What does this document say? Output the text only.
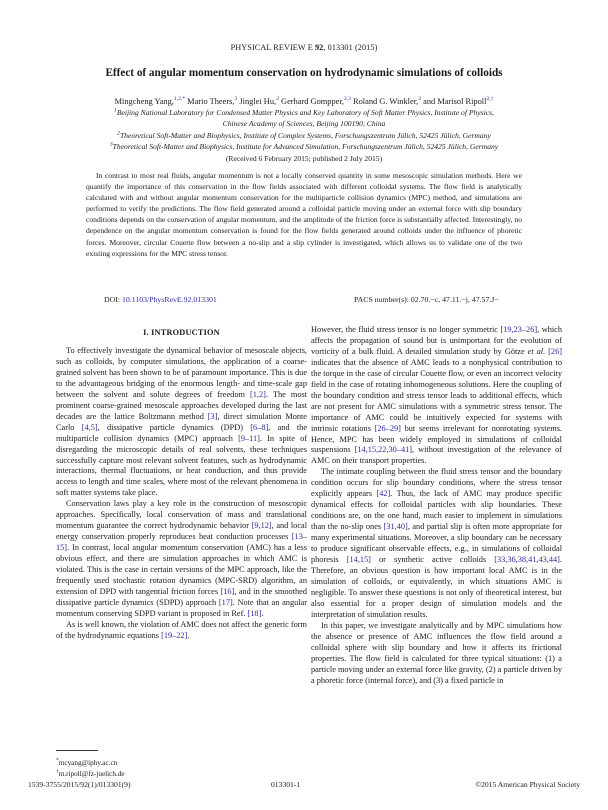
PHYSICAL REVIEW E 92, 013301 (2015)
Effect of angular momentum conservation on hydrodynamic simulations of colloids
Mingcheng Yang,$^{1,2,*}$ Mario Theers,$^3$ Jinglei Hu,$^2$ Gerhard Gompper,$^{2,3}$ Roland G. Winkler,$^3$ and Marisol Ripoll$^{2,\dagger}$
$^1$Beijing National Laboratory for Condensed Matter Physics and Key Laboratory of Soft Matter Physics, Institute of Physics,
Chinese Academy of Sciences, Beijing 100190, China
$^2$Theoretical Soft-Matter and Biophysics, Institute of Complex Systems, Forschungszentrum Jülich, 52425 Jülich, Germany
$^3$Theoretical Soft-Matter and Biophysics, Institute for Advanced Simulation, Forschungszentrum Jülich, 52425 Jülich, Germany
(Received 6 February 2015; published 2 July 2015)

In contrast to most real fluids, angular momentum is not a locally conserved quantity in some mesoscopic simulation methods. Here we quantify the importance of this conservation in the flow fields associated with different colloidal systems. The flow field is analytically calculated with and without angular momentum conservation for the multiparticle collision dynamics (MPC) method, and simulations are performed to verify the predictions. The flow field generated around a colloidal particle moving under an external force with slip boundary conditions depends on the conservation of angular momentum, and the amplitude of the friction force is substantially affected. Interestingly, no dependence on the angular momentum conservation is found for the flow fields generated around colloids under the influence of phoretic forces. Moreover, circular Couette flow between a no-slip and a slip cylinder is investigated, which allows us to validate one of the two existing expressions for the MPC stress tensor.

DOI: 10.1103/PhysRevE.92.013301	PACS number(s): 02.70.−c, 47.11.−j, 47.57.J−
I. INTRODUCTION

To effectively investigate the dynamical behavior of mesoscale objects, such as colloids, by computer simulations, the application of a coarse-grained solvent has been shown to be of paramount importance. This is due to the advantageous bridging of the enormous length- and time-scale gap between the solvent and solute degrees of freedom [1,2]. The most prominent coarse-grained mesoscale approaches developed during the last decades are the lattice Boltzmann method [3], direct simulation Monte Carlo [4,5], dissipative particle dynamics (DPD) [6–8], and the multiparticle collision dynamics (MPC) approach [9–11]. In spite of disregarding the microscopic details of real solvents, these techniques successfully capture most relevant solvent features, such as hydrodynamic interactions, thermal fluctuations, or heat conduction, and thus provide access to length and time scales, where most of the relevant phenomena in soft matter systems take place.

Conservation laws play a key role in the construction of mesoscopic approaches. Specifically, local conservation of mass and translational momentum guarantee the correct hydrodynamic behavior [9,12], and local energy conservation properly reproduces heat conduction processes [13–15]. In contrast, local angular momentum conservation (AMC) has a less obvious effect, and there are simulation approaches in which AMC is violated. This is the case in certain versions of the MPC approach, like the frequently used stochastic rotation dynamics (MPC-SRD) algorithm, an extension of DPD with tangential friction forces [16], and in the smoothed dissipative particle dynamics (SDPD) approach [17]. Note that an angular momentum conserving SDPD variant is proposed in Ref. [18].

As is well known, the violation of AMC does not affect the generic form of the hydrodynamic equations [19–22].

However, the fluid stress tensor is no longer symmetric [19,23–26], which affects the propagation of sound but is unimportant for the evolution of vorticity of a bulk fluid. A detailed simulation study by Götze et al. [26] indicates that the absence of AMC leads to a nonphysical contribution to the torque in the case of circular Couette flow, or even an incorrect velocity field in the case of rotating inhomogeneous solutions. Here the coupling of the boundary condition and stress tensor leads to additional effects, which are not present for AMC simulations with a symmetric stress tensor. The importance of AMC could be intuitively expected for systems with intrinsic rotations [26–29] but seems irrelevant for nonrotating systems. Hence, MPC has been widely employed in simulations of colloidal suspensions [14,15,22,30–41], without investigation of the relevance of AMC on their transport properties.

The intimate coupling between the fluid stress tensor and the boundary condition occurs for slip boundary conditions, where the stress tensor explicitly appears [42]. Thus, the lack of AMC may produce specific dynamical effects for colloidal particles with slip boundaries. These conditions are, on the one hand, much easier to implement in simulations than the no-slip ones [31,40], and partial slip is often more appropriate for many experimental situations. Moreover, a slip boundary can be necessary to produce significant observable effects, e.g., in simulations of colloidal phoresis [14,15] or synthetic active colloids [33,36,38,41,43,44]. Therefore, an obvious question is how important local AMC is in the simulation of colloids, or equivalently, in which situations AMC is negligible. To answer these questions is not only of theoretical interest, but also essential for a proper design of simulation models and the interpretation of simulation results.

In this paper, we investigate analytically and by MPC simulations how the absence or presence of AMC influences the flow field around a colloidal sphere with slip boundary and how it affects its frictional properties. The flow field is calculated for three typical situations: (1) a particle moving under an external force like gravity, (2) a particle driven by a phoretic force (internal force), and (3) a fixed particle in

*mcyang@iphy.ac.cn
†m.ripoll@fz-juelich.de
1539-3755/2015/92(1)/013301(9)	013301-1	©2015 American Physical Society
